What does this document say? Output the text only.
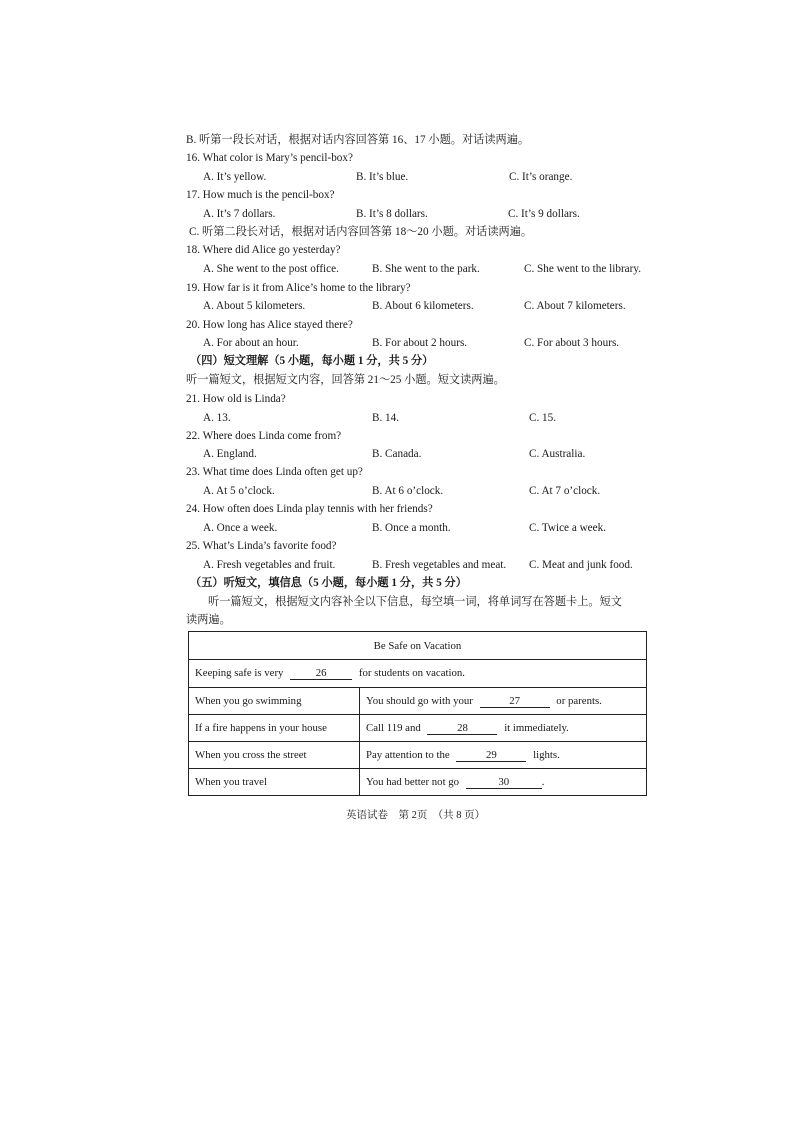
B. 听第一段长对话，根据对话内容回答第 16、17 小题。对话读两遍。
16. What color is Mary’s pencil-box?
A. It’s yellow.	B. It’s blue.	C. It’s orange.
17. How much is the pencil-box?
A. It’s 7 dollars.	B. It’s 8 dollars.	C. It’s 9 dollars.
C. 听第二段长对话，根据对话内容回答第 18～20 小题。对话读两遍。
18. Where did Alice go yesterday?
A. She went to the post office.	B. She went to the park.	C. She went to the library.
19. How far is it from Alice’s home to the library?
A. About 5 kilometers.	B. About 6 kilometers.	C. About 7 kilometers.
20. How long has Alice stayed there?
A. For about an hour.	B. For about 2 hours.	C. For about 3 hours.
（四）短文理解（5 小题，每小题 1 分，共 5 分）
听一篇短文，根据短文内容，回答第 21～25 小题。短文读两遍。
21. How old is Linda?
A. 13.	B. 14.	C. 15.
22. Where does Linda come from?
A. England.	B. Canada.	C. Australia.
23. What time does Linda often get up?
A. At 5 o’clock.	B. At 6 o’clock.	C. At 7 o’clock.
24. How often does Linda play tennis with her friends?
A. Once a week.	B. Once a month.	C. Twice a week.
25. What’s Linda’s favorite food?
A. Fresh vegetables and fruit.	B. Fresh vegetables and meat. C. Meat and junk food.
（五）听短文，填信息（5 小题，每小题 1 分，共 5 分）
听一篇短文，根据短文内容补全以下信息，每空填一词，将单词写在答题卡上。短文
读两遍。
Be Safe on Vacation	
Keeping safe is very 26 for students on vacation.	
When you go swimming	You should go with your 27 or parents.
If a fire happens in your house	Call 119 and 28 it immediately.
When you cross the street	Pay attention to the 29 lights.
When you travel	You had better not go 30 .
英语试卷　第 2页　（共 8 页）
